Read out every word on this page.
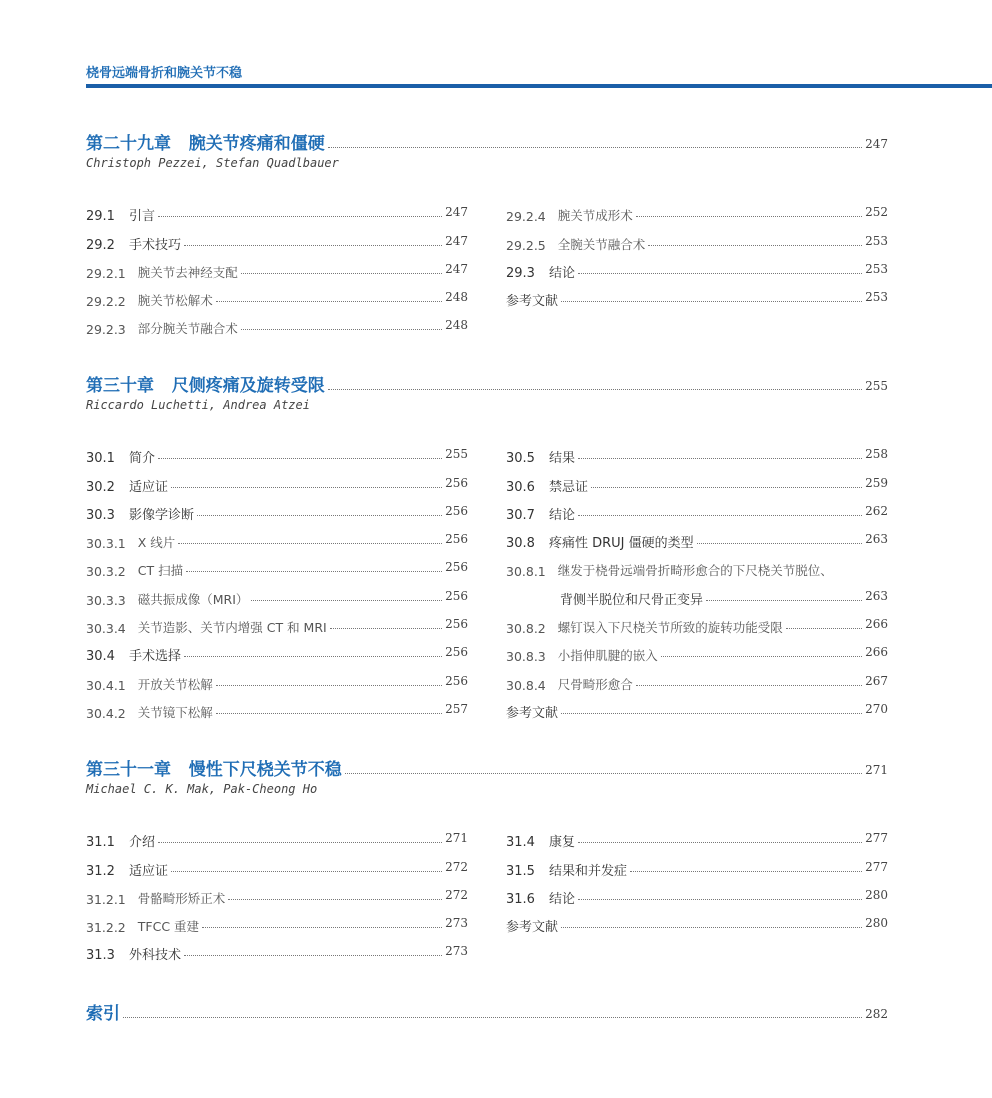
桡骨远端骨折和腕关节不稳
第二十九章   腕关节疼痛和僵硬	247
Christoph Pezzei, Stefan Quadlbauer
29.1 引言	247
29.2 手术技巧	247
29.2.1 腕关节去神经支配	247
29.2.2 腕关节松解术	248
29.2.3 部分腕关节融合术	248
29.2.4 腕关节成形术	252
29.2.5 全腕关节融合术	253
29.3 结论	253
参考文献	253
第三十章   尺侧疼痛及旋转受限	255
Riccardo Luchetti, Andrea Atzei
30.1 简介	255
30.2 适应证	256
30.3 影像学诊断	256
30.3.1 X 线片	256
30.3.2 CT 扫描	256
30.3.3 磁共振成像（MRI）	256
30.3.4 关节造影、关节内增强 CT 和 MRI	256
30.4 手术选择	256
30.4.1 开放关节松解	256
30.4.2 关节镜下松解	257
30.5 结果	258
30.6 禁忌证	259
30.7 结论	262
30.8 疼痛性 DRUJ 僵硬的类型	263
30.8.1 继发于桡骨远端骨折畸形愈合的下尺桡关节脱位、
背侧半脱位和尺骨正变异	263
30.8.2 螺钉误入下尺桡关节所致的旋转功能受限	266
30.8.3 小指伸肌腱的嵌入	266
30.8.4 尺骨畸形愈合	267
参考文献	270
第三十一章   慢性下尺桡关节不稳	271
Michael C. K. Mak, Pak-Cheong Ho
31.1 介绍	271
31.2 适应证	272
31.2.1 骨骼畸形矫正术	272
31.2.2 TFCC 重建	273
31.3 外科技术	273
31.4 康复	277
31.5 结果和并发症	277
31.6 结论	280
参考文献	280
索引	282
